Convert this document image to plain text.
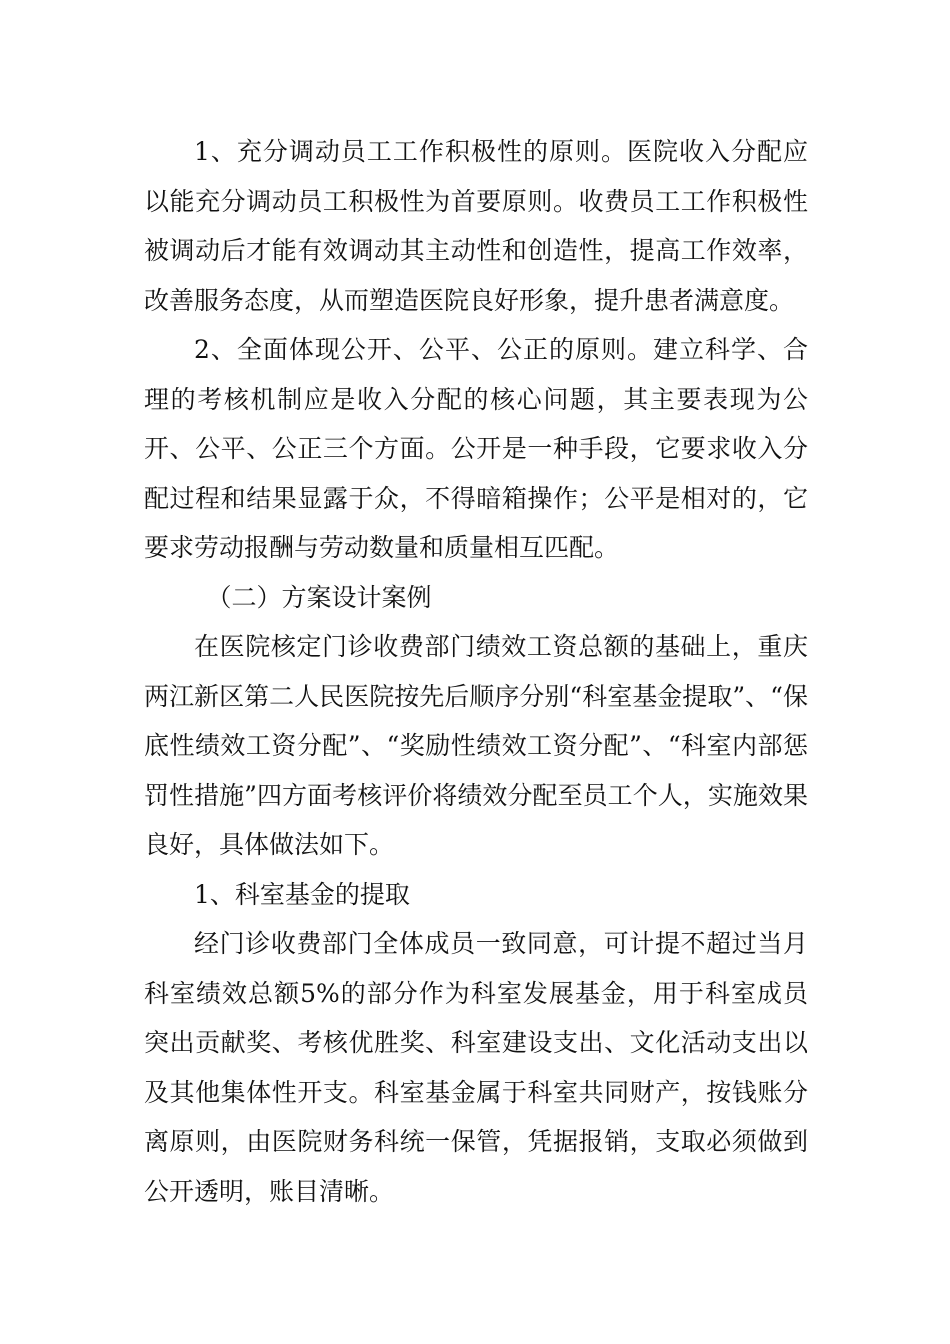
1、充分调动员工工作积极性的原则。医院收入分配应以能充分调动员工积极性为首要原则。收费员工工作积极性被调动后才能有效调动其主动性和创造性，提高工作效率，改善服务态度，从而塑造医院良好形象，提升患者满意度。

2、全面体现公开、公平、公正的原则。建立科学、合理的考核机制应是收入分配的核心问题，其主要表现为公开、公平、公正三个方面。公开是一种手段，它要求收入分配过程和结果显露于众，不得暗箱操作；公平是相对的，它要求劳动报酬与劳动数量和质量相互匹配。

（二）方案设计案例

在医院核定门诊收费部门绩效工资总额的基础上，重庆两江新区第二人民医院按先后顺序分别“科室基金提取”、“保底性绩效工资分配”、“奖励性绩效工资分配”、“科室内部惩罚性措施”四方面考核评价将绩效分配至员工个人，实施效果良好，具体做法如下。

1、科室基金的提取

经门诊收费部门全体成员一致同意，可计提不超过当月科室绩效总额5%的部分作为科室发展基金，用于科室成员突出贡献奖、考核优胜奖、科室建设支出、文化活动支出以及其他集体性开支。科室基金属于科室共同财产，按钱账分离原则，由医院财务科统一保管，凭据报销，支取必须做到公开透明，账目清晰。
